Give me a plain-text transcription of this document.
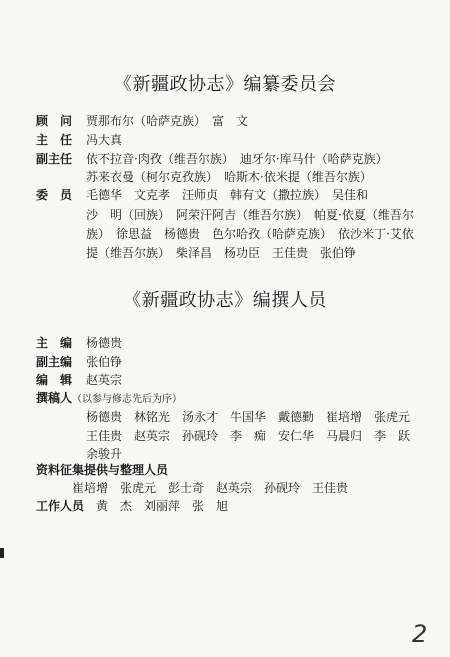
《新疆政协志》编纂委员会
顾　问 贾那布尔（哈萨克族）　富　文
主　任 冯大真
副主任 依不拉音·肉孜（维吾尔族）　迪牙尔·库马什（哈萨克族）
苏来衣曼（柯尔克孜族）　哈斯木·依米提（维吾尔族）
委　员 毛德华　文克孝　汪师贞　韩有文（撒拉族）　吴佳和
沙　明（回族）　阿荣汗阿吉（维吾尔族）　帕夏·依夏（维吾尔
族）　徐思益　杨德贵　色尔哈孜（哈萨克族）　依沙米丁·艾依
提（维吾尔族）　柴泽昌　杨功臣　王佳贵　张伯铮
《新疆政协志》编撰人员
主　编 杨德贵
副主编 张伯铮
编　辑 赵英宗
撰稿人（以参与修志先后为序）
杨德贵　林铭光　汤永才　牛国华　戴德勤　崔培增　张虎元
王佳贵　赵英宗　孙砚玲　李　痴　安仁华　马晨归　李　跃
余骏升
资料征集提供与整理人员
崔培增　张虎元　彭士奇　赵英宗　孙砚玲　王佳贵
工作人员 黄　杰　刘丽萍　张　旭
2
